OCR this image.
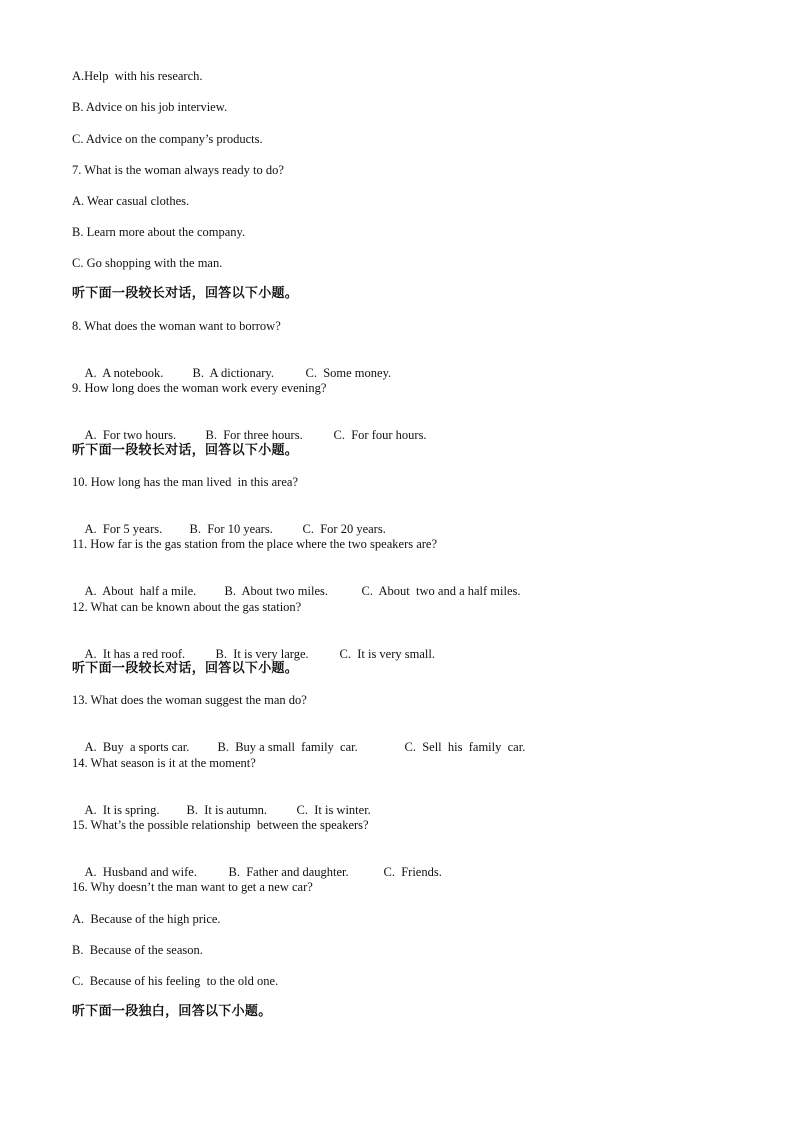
A.Help  with his research.
B. Advice on his job interview.
C. Advice on the company’s products.
7. What is the woman always ready to do?
A. Wear casual clothes.
B. Learn more about the company.
C. Go shopping with the man.
听下面一段较长对话，回答以下小题。
8. What does the woman want to borrow?

A.  A notebook. B.  A dictionary.	C.  Some money.

9. How long does the woman work every evening?

A.  For two hours. B.  For three hours. C.  For four hours.

听下面一段较长对话，回答以下小题。
10. How long has the man lived  in this area?

A.  For 5 years. B.  For 10 years. C.  For 20 years.

11. How far is the gas station from the place where the two speakers are?

A.  About  half a mile. B.  About two miles.	C.  About  two and a half miles.

12. What can be known about the gas station?

A.  It has a red roof. B.  It is very large. C.  It is very small.

听下面一段较长对话，回答以下小题。
13. What does the woman suggest the man do?

A.  Buy  a sports car. B.  Buy a small  family  car.	C.  Sell  his  family  car.

14. What season is it at the moment?

A.  It is spring. B.  It is autumn. C.  It is winter.

15. What’s the possible relationship  between the speakers?

A.  Husband and wife.	B.  Father and daughter.	C.  Friends.

16. Why doesn’t the man want to get a new car?
A.  Because of the high price.
B.  Because of the season.
C.  Because of his feeling  to the old one.
听下面一段独白，回答以下小题。
